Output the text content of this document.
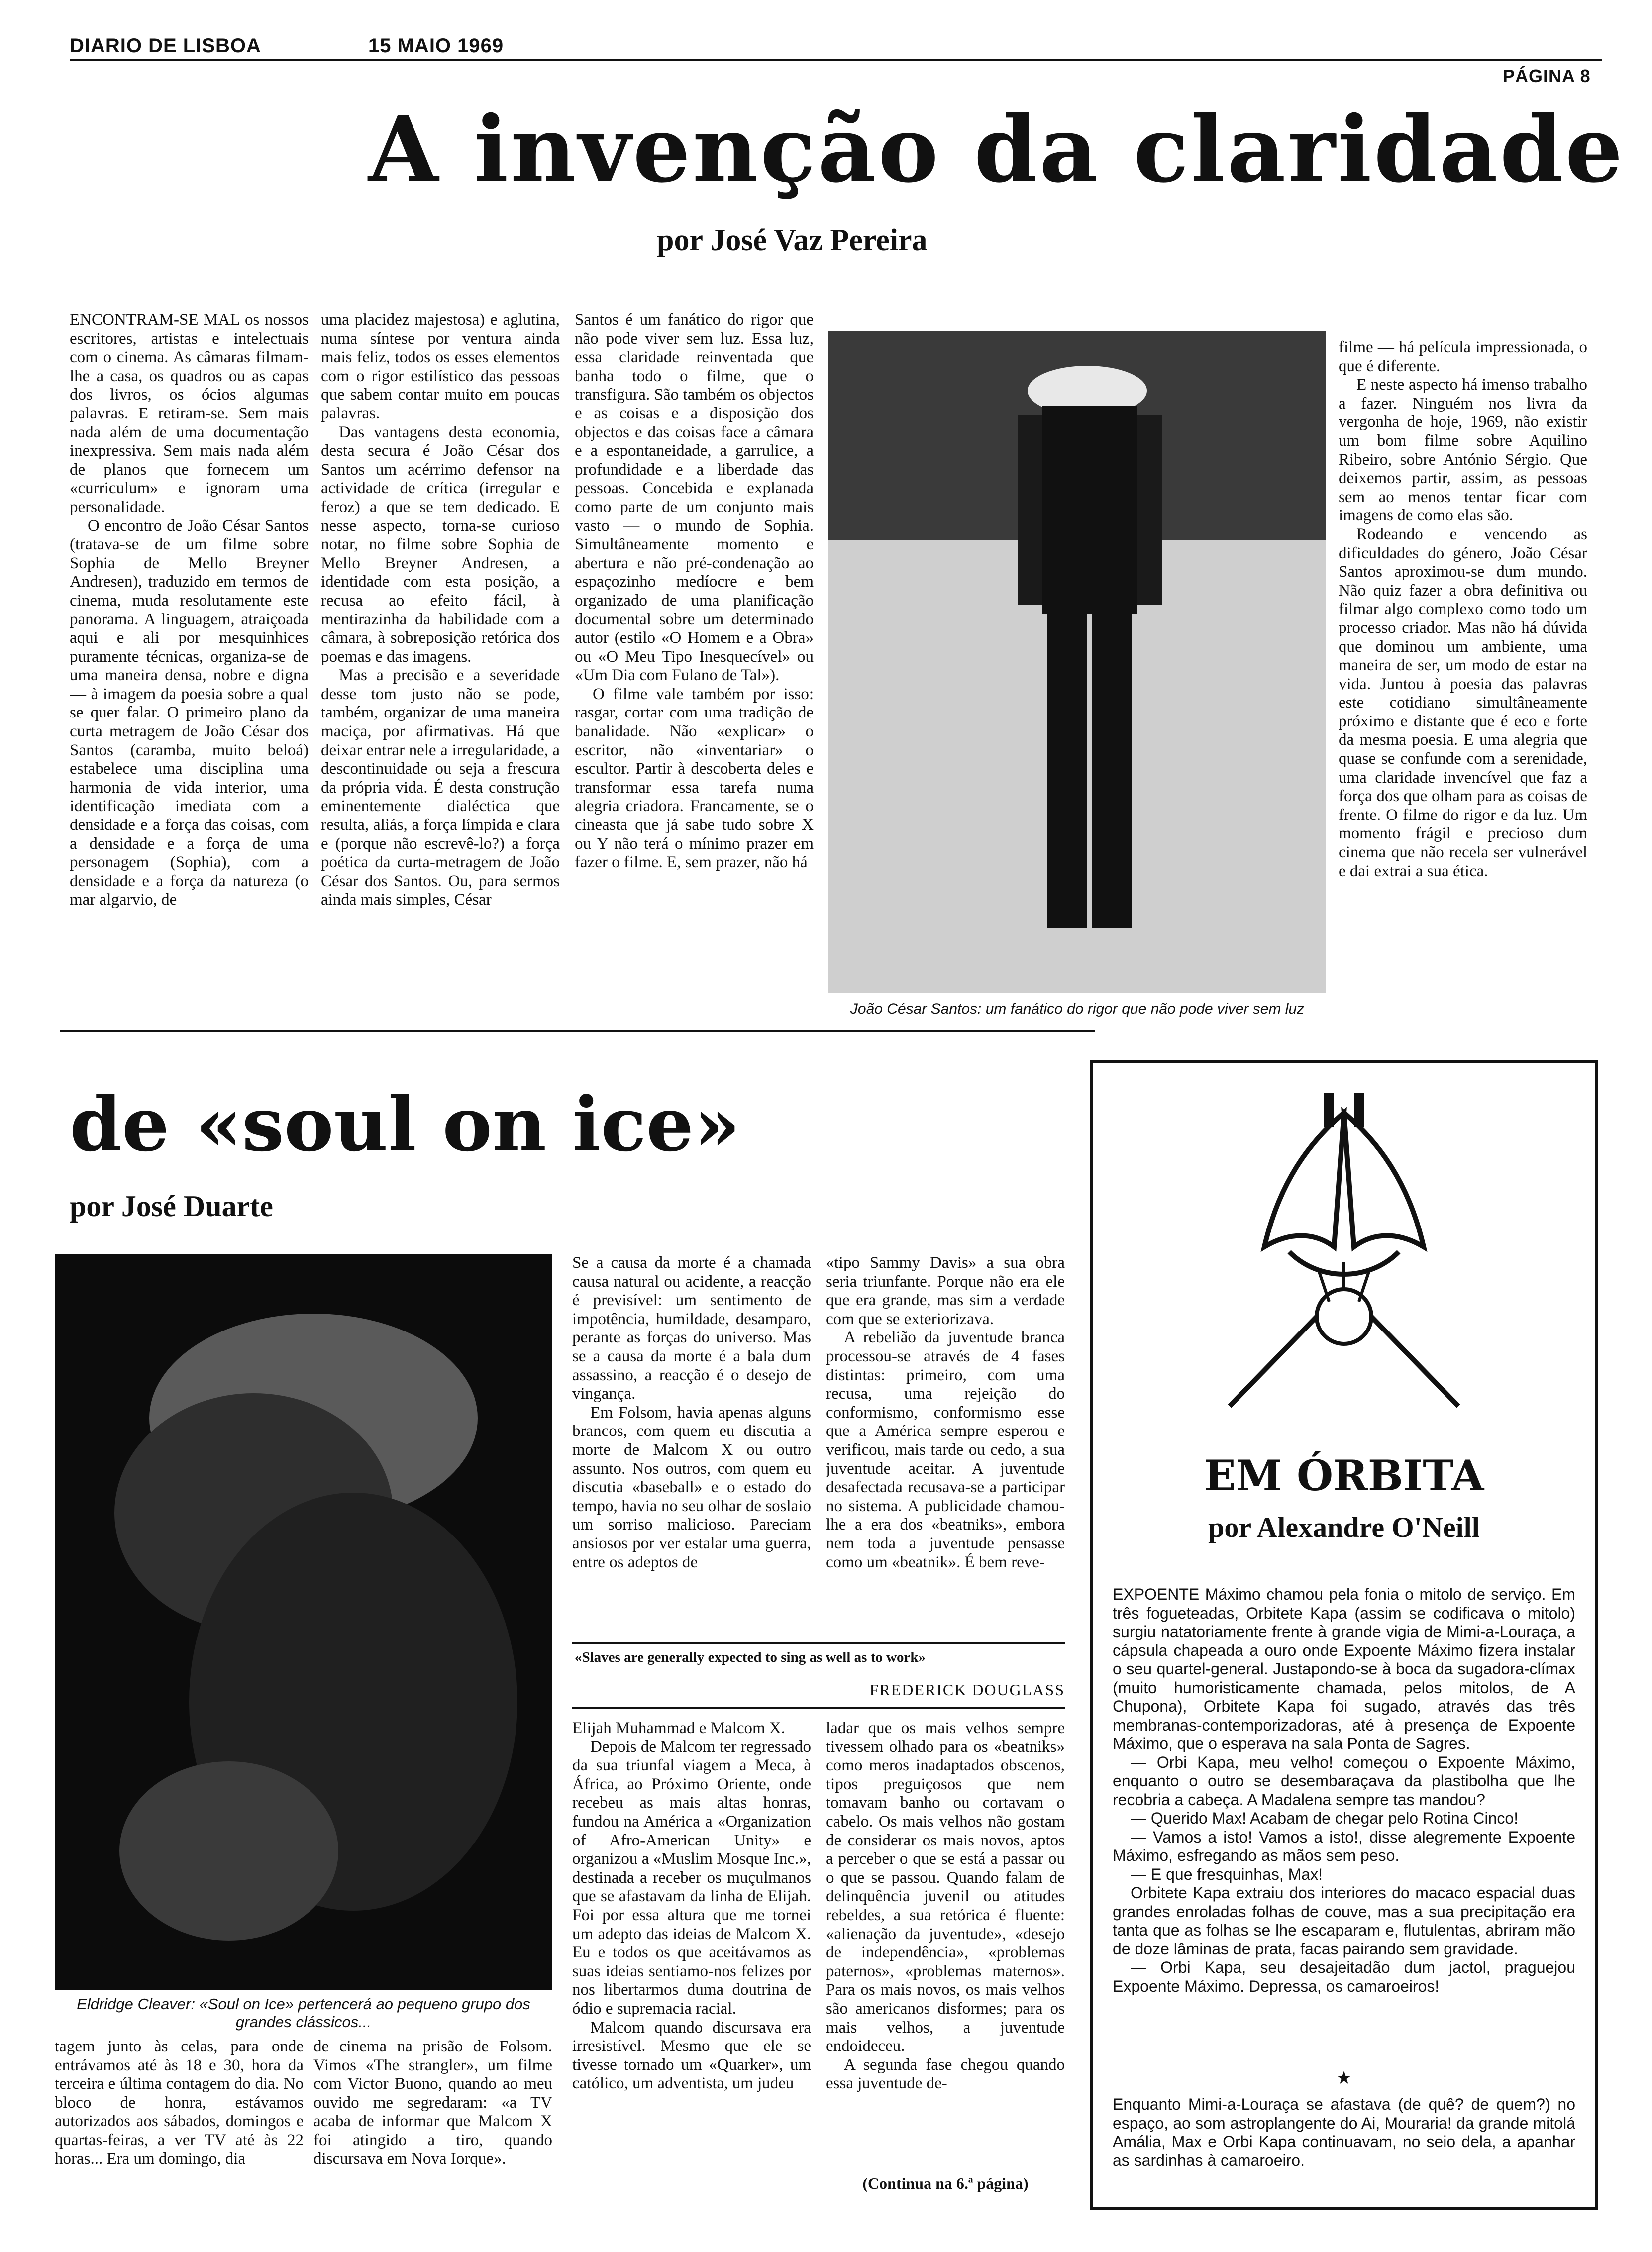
DIARIO DE LISBOA	15 MAIO 1969
PÁGINA 8
A invenção da claridade
por José Vaz Pereira

ENCONTRAM-SE MAL os nossos escritores, artistas e intelectuais com o cinema. As câmaras filmam-lhe a casa, os quadros ou as capas dos livros, os ócios algumas palavras. E retiram-se. Sem mais nada além de uma documentação inexpressiva. Sem mais nada além de planos que fornecem um «curriculum» e ignoram uma personalidade.

O encontro de João César Santos (tratava-se de um filme sobre Sophia de Mello Breyner Andresen), traduzido em termos de cinema, muda resolutamente este panorama. A linguagem, atraiçoada aqui e ali por mesquinhices puramente técnicas, organiza-se de uma maneira densa, nobre e digna — à imagem da poesia sobre a qual se quer falar. O primeiro plano da curta metragem de João César dos Santos (caramba, muito beloá) estabelece uma disciplina uma harmonia de vida interior, uma identificação imediata com a densidade e a força das coisas, com a densidade e a força de uma personagem (Sophia), com a densidade e a força da natureza (o mar algarvio, de

uma placidez majestosa) e aglutina, numa síntese por ventura ainda mais feliz, todos os esses elementos com o rigor estilístico das pessoas que sabem contar muito em poucas palavras.

Das vantagens desta economia, desta secura é João César dos Santos um acérrimo defensor na actividade de crítica (irregular e feroz) a que se tem dedicado. E nesse aspecto, torna-se curioso notar, no filme sobre Sophia de Mello Breyner Andresen, a identidade com esta posição, a recusa ao efeito fácil, à mentirazinha da habilidade com a câmara, à sobreposição retórica dos poemas e das imagens.

Mas a precisão e a severidade desse tom justo não se pode, também, organizar de uma maneira maciça, por afirmativas. Há que deixar entrar nele a irregularidade, a descontinuidade ou seja a frescura da própria vida. É desta construção eminentemente dialéctica que resulta, aliás, a força límpida e clara e (porque não escrevê-lo?) a força poética da curta-metragem de João César dos Santos. Ou, para sermos ainda mais simples, César

Santos é um fanático do rigor que não pode viver sem luz. Essa luz, essa claridade reinventada que banha todo o filme, que o transfigura. São também os objectos e as coisas e a disposição dos objectos e das coisas face a câmara e a espontaneidade, a garrulice, a profundidade e a liberdade das pessoas. Concebida e explanada como parte de um conjunto mais vasto — o mundo de Sophia. Simultâneamente momento e abertura e não pré-condenação ao espaçozinho medíocre e bem organizado de uma planificação documental sobre um determinado autor (estilo «O Homem e a Obra» ou «O Meu Tipo Inesquecível» ou «Um Dia com Fulano de Tal»).

O filme vale também por isso: rasgar, cortar com uma tradição de banalidade. Não «explicar» o escritor, não «inventariar» o escultor. Partir à descoberta deles e transformar essa tarefa numa alegria criadora. Francamente, se o cineasta que já sabe tudo sobre X ou Y não terá o mínimo prazer em fazer o filme. E, sem prazer, não há

João César Santos: um fanático do rigor que não pode viver sem luz

filme — há película impressionada, o que é diferente.

E neste aspecto há imenso trabalho a fazer. Ninguém nos livra da vergonha de hoje, 1969, não existir um bom filme sobre Aquilino Ribeiro, sobre António Sérgio. Que deixemos partir, assim, as pessoas sem ao menos tentar ficar com imagens de como elas são.

Rodeando e vencendo as dificuldades do género, João César Santos aproximou-se dum mundo. Não quiz fazer a obra definitiva ou filmar algo complexo como todo um processo criador. Mas não há dúvida que dominou um ambiente, uma maneira de ser, um modo de estar na vida. Juntou à poesia das palavras este cotidiano simultâneamente próximo e distante que é eco e forte da mesma poesia. E uma alegria que quase se confunde com a serenidade, uma claridade invencível que faz a força dos que olham para as coisas de frente. O filme do rigor e da luz. Um momento frágil e precioso dum cinema que não recela ser vulnerável e dai extrai a sua ética.

de «soul on ice»
por José Duarte
Eldridge Cleaver: «Soul on Ice» pertencerá ao pequeno grupo dos grandes clássicos...

tagem junto às celas, para onde entrávamos até às 18 e 30, hora da terceira e última contagem do dia. No bloco de honra, estávamos autorizados aos sábados, domingos e quartas-feiras, a ver TV até às 22 horas... Era um domingo, dia

de cinema na prisão de Folsom. Vimos «The strangler», um filme com Victor Buono, quando ao meu ouvido me segredaram: «a TV acaba de informar que Malcom X foi atingido a tiro, quando discursava em Nova Iorque».

Se a causa da morte é a chamada causa natural ou acidente, a reacção é previsível: um sentimento de impotência, humildade, desamparo, perante as forças do universo. Mas se a causa da morte é a bala dum assassino, a reacção é o desejo de vingança.

Em Folsom, havia apenas alguns brancos, com quem eu discutia a morte de Malcom X ou outro assunto. Nos outros, com quem eu discutia «baseball» e o estado do tempo, havia no seu olhar de soslaio um sorriso malicioso. Pareciam ansiosos por ver estalar uma guerra, entre os adeptos de

«tipo Sammy Davis» a sua obra seria triunfante. Porque não era ele que era grande, mas sim a verdade com que se exteriorizava.

A rebelião da juventude branca processou-se através de 4 fases distintas: primeiro, com uma recusa, uma rejeição do conformismo, conformismo esse que a América sempre esperou e verificou, mais tarde ou cedo, a sua juventude aceitar. A juventude desafectada recusava-se a participar no sistema. A publicidade chamou-lhe a era dos «beatniks», embora nem toda a juventude pensasse como um «beatnik». É bem reve-

«Slaves are generally expected to sing as well as to work»
FREDERICK DOUGLASS

Elijah Muhammad e Malcom X.

Depois de Malcom ter regressado da sua triunfal viagem a Meca, à África, ao Próximo Oriente, onde recebeu as mais altas honras, fundou na América a «Organization of Afro-American Unity» e organizou a «Muslim Mosque Inc.», destinada a receber os muçulmanos que se afastavam da linha de Elijah. Foi por essa altura que me tornei um adepto das ideias de Malcom X. Eu e todos os que aceitávamos as suas ideias sentiamo-nos felizes por nos libertarmos duma doutrina de ódio e supremacia racial.

Malcom quando discursava era irresistível. Mesmo que ele se tivesse tornado um «Quarker», um católico, um adventista, um judeu

ladar que os mais velhos sempre tivessem olhado para os «beatniks» como meros inadaptados obscenos, tipos preguiçosos que nem tomavam banho ou cortavam o cabelo. Os mais velhos não gostam de considerar os mais novos, aptos a perceber o que se está a passar ou o que se passou. Quando falam de delinquência juvenil ou atitudes rebeldes, a sua retórica é fluente: «alienação da juventude», «desejo de independência», «problemas paternos», «problemas maternos». Para os mais novos, os mais velhos são americanos disformes; para os mais velhos, a juventude endoideceu.

A segunda fase chegou quando essa juventude de-

(Continua na 6.ª página)
EM ÓRBITA
por Alexandre O'Neill

EXPOENTE Máximo chamou pela fonia o mitolo de serviço. Em três fogueteadas, Orbitete Kapa (assim se codificava o mitolo) surgiu natatoriamente frente à grande vigia de Mimi-a-Louraça, a cápsula chapeada a ouro onde Expoente Máximo fizera instalar o seu quartel-general. Justapondo-se à boca da sugadora-clímax (muito humoristicamente chamada, pelos mitolos, de A Chupona), Orbitete Kapa foi sugado, através das três membranas-contemporizadoras, até à presença de Expoente Máximo, que o esperava na sala Ponta de Sagres.

— Orbi Kapa, meu velho! começou o Expoente Máximo, enquanto o outro se desembaraçava da plastibolha que lhe recobria a cabeça. A Madalena sempre tas mandou?

— Querido Max! Acabam de chegar pelo Rotina Cinco!

— Vamos a isto! Vamos a isto!, disse alegremente Expoente Máximo, esfregando as mãos sem peso.

— E que fresquinhas, Max!

Orbitete Kapa extraiu dos interiores do macaco espacial duas grandes enroladas folhas de couve, mas a sua precipitação era tanta que as folhas se lhe escaparam e, flutulentas, abriram mão de doze lâminas de prata, facas pairando sem gravidade.

— Orbi Kapa, seu desajeitadão dum jactol, praguejou Expoente Máximo. Depressa, os camaroeiros!

★

Enquanto Mimi-a-Louraça se afastava (de quê? de quem?) no espaço, ao som astroplangente do Ai, Mouraria! da grande mitolá Amália, Max e Orbi Kapa continuavam, no seio dela, a apanhar as sardinhas à camaroeiro.
